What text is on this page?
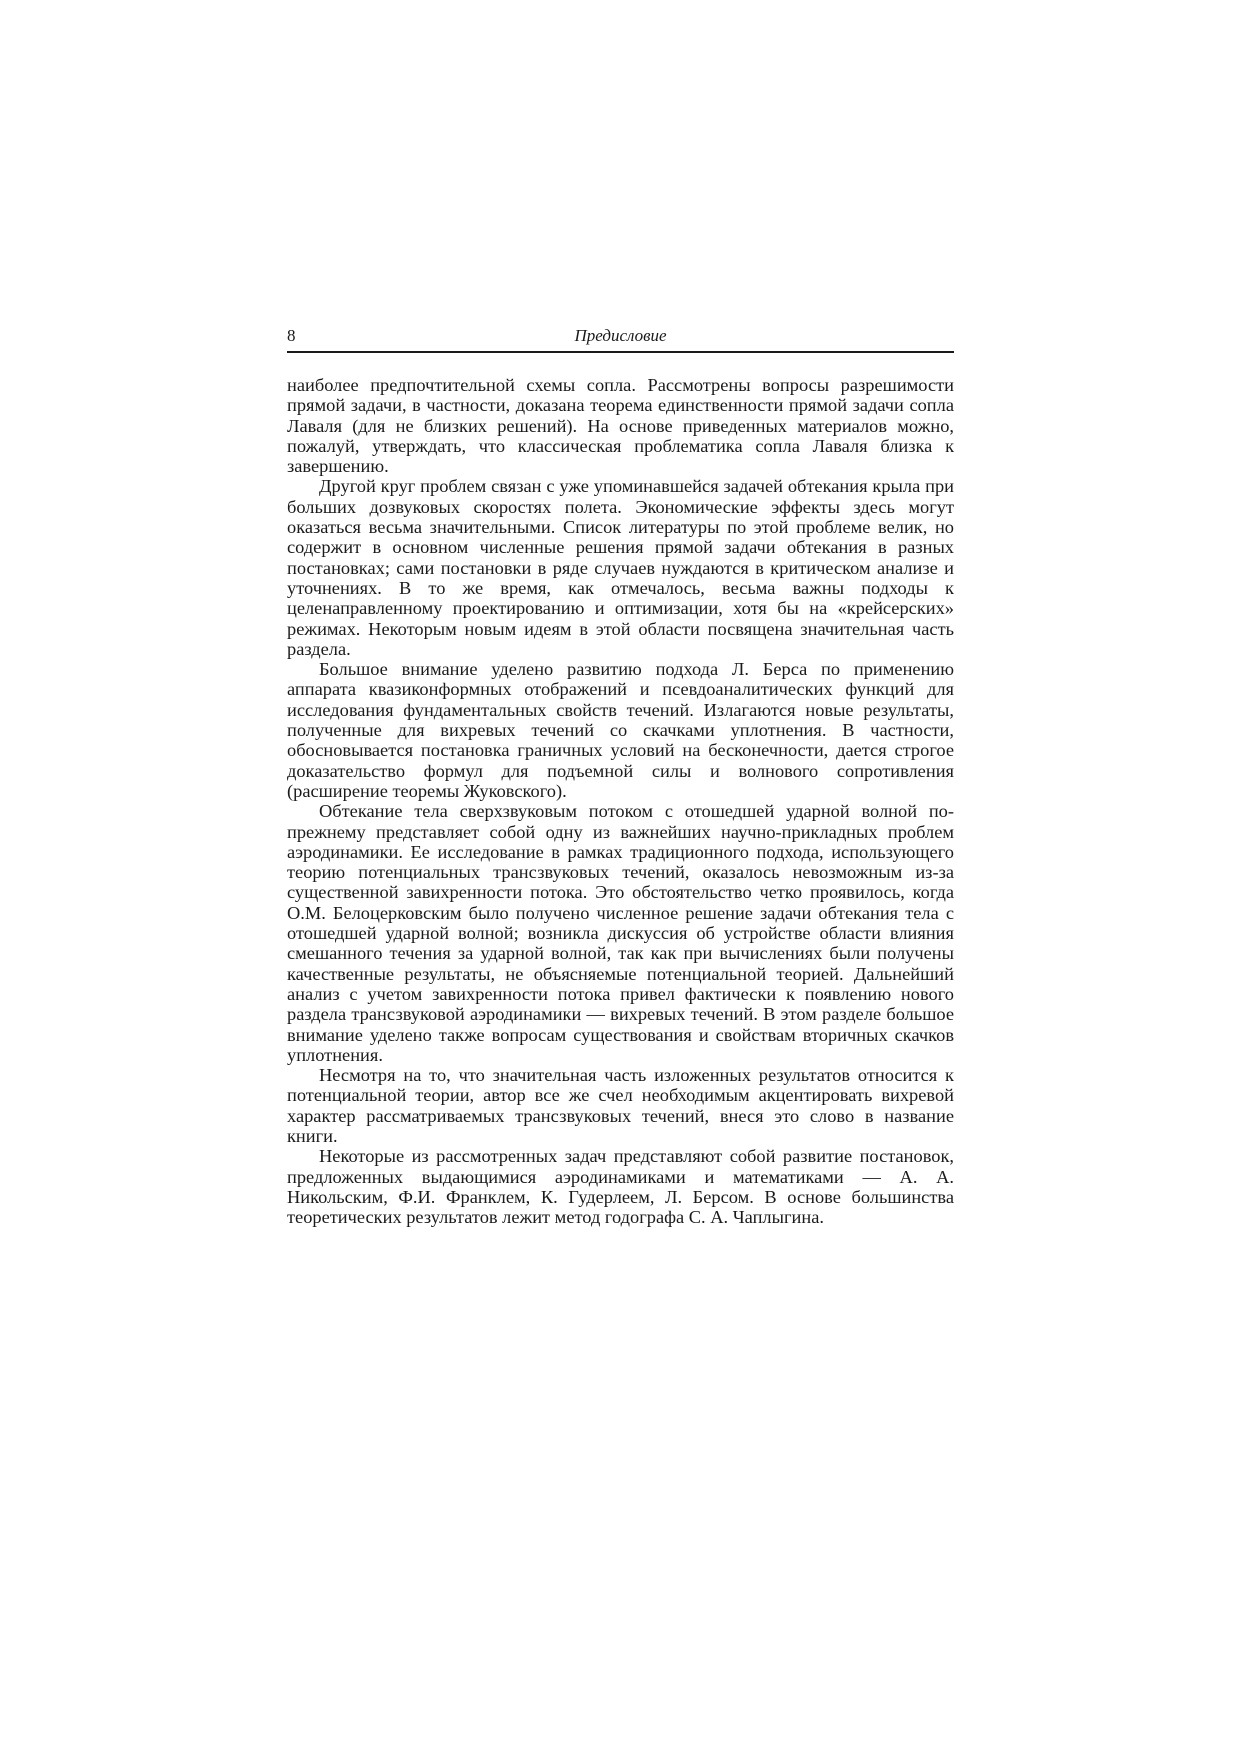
8	Предисловие

наиболее предпочтительной схемы сопла. Рассмотрены вопросы разрешимости прямой задачи, в частности, доказана теорема единственности прямой задачи сопла Лаваля (для не близких решений). На основе приведенных материалов можно, пожалуй, утверждать, что классическая проблематика сопла Лаваля близка к завершению.

Другой круг проблем связан с уже упоминавшейся задачей обтекания крыла при больших дозвуковых скоростях полета. Экономические эффекты здесь могут оказаться весьма значительными. Список литературы по этой проблеме велик, но содержит в основном численные решения прямой задачи обтекания в разных постановках; сами постановки в ряде случаев нуждаются в критическом анализе и уточнениях. В то же время, как отмечалось, весьма важны подходы к целенаправленному проектированию и оптимизации, хотя бы на «крейсерских» режимах. Некоторым новым идеям в этой области посвящена значительная часть раздела.

Большое внимание уделено развитию подхода Л. Берса по применению аппарата квазиконформных отображений и псевдоаналитических функций для исследования фундаментальных свойств течений. Излагаются новые результаты, полученные для вихревых течений со скачками уплотнения. В частности, обосновывается постановка граничных условий на бесконечности, дается строгое доказательство формул для подъемной силы и волнового сопротивления (расширение теоремы Жуковского).

Обтекание тела сверхзвуковым потоком с отошедшей ударной волной по-прежнему представляет собой одну из важнейших научно-прикладных проблем аэродинамики. Ее исследование в рамках традиционного подхода, использующего теорию потенциальных трансзвуковых течений, оказалось невозможным из-за существенной завихренности потока. Это обстоятельство четко проявилось, когда О.М. Белоцерковским было получено численное решение задачи обтекания тела с отошедшей ударной волной; возникла дискуссия об устройстве области влияния смешанного течения за ударной волной, так как при вычислениях были получены качественные результаты, не объясняемые потенциальной теорией. Дальнейший анализ с учетом завихренности потока привел фактически к появлению нового раздела трансзвуковой аэродинамики — вихревых течений. В этом разделе большое внимание уделено также вопросам существования и свойствам вторичных скачков уплотнения.

Несмотря на то, что значительная часть изложенных результатов относится к потенциальной теории, автор все же счел необходимым акцентировать вихревой характер рассматриваемых трансзвуковых течений, внеся это слово в название книги.

Некоторые из рассмотренных задач представляют собой развитие постановок, предложенных выдающимися аэродинамиками и математиками — А. А. Никольским, Ф.И. Франклем, К. Гудерлеем, Л. Берсом. В основе большинства теоретических результатов лежит метод годографа С. А. Чаплыгина.
